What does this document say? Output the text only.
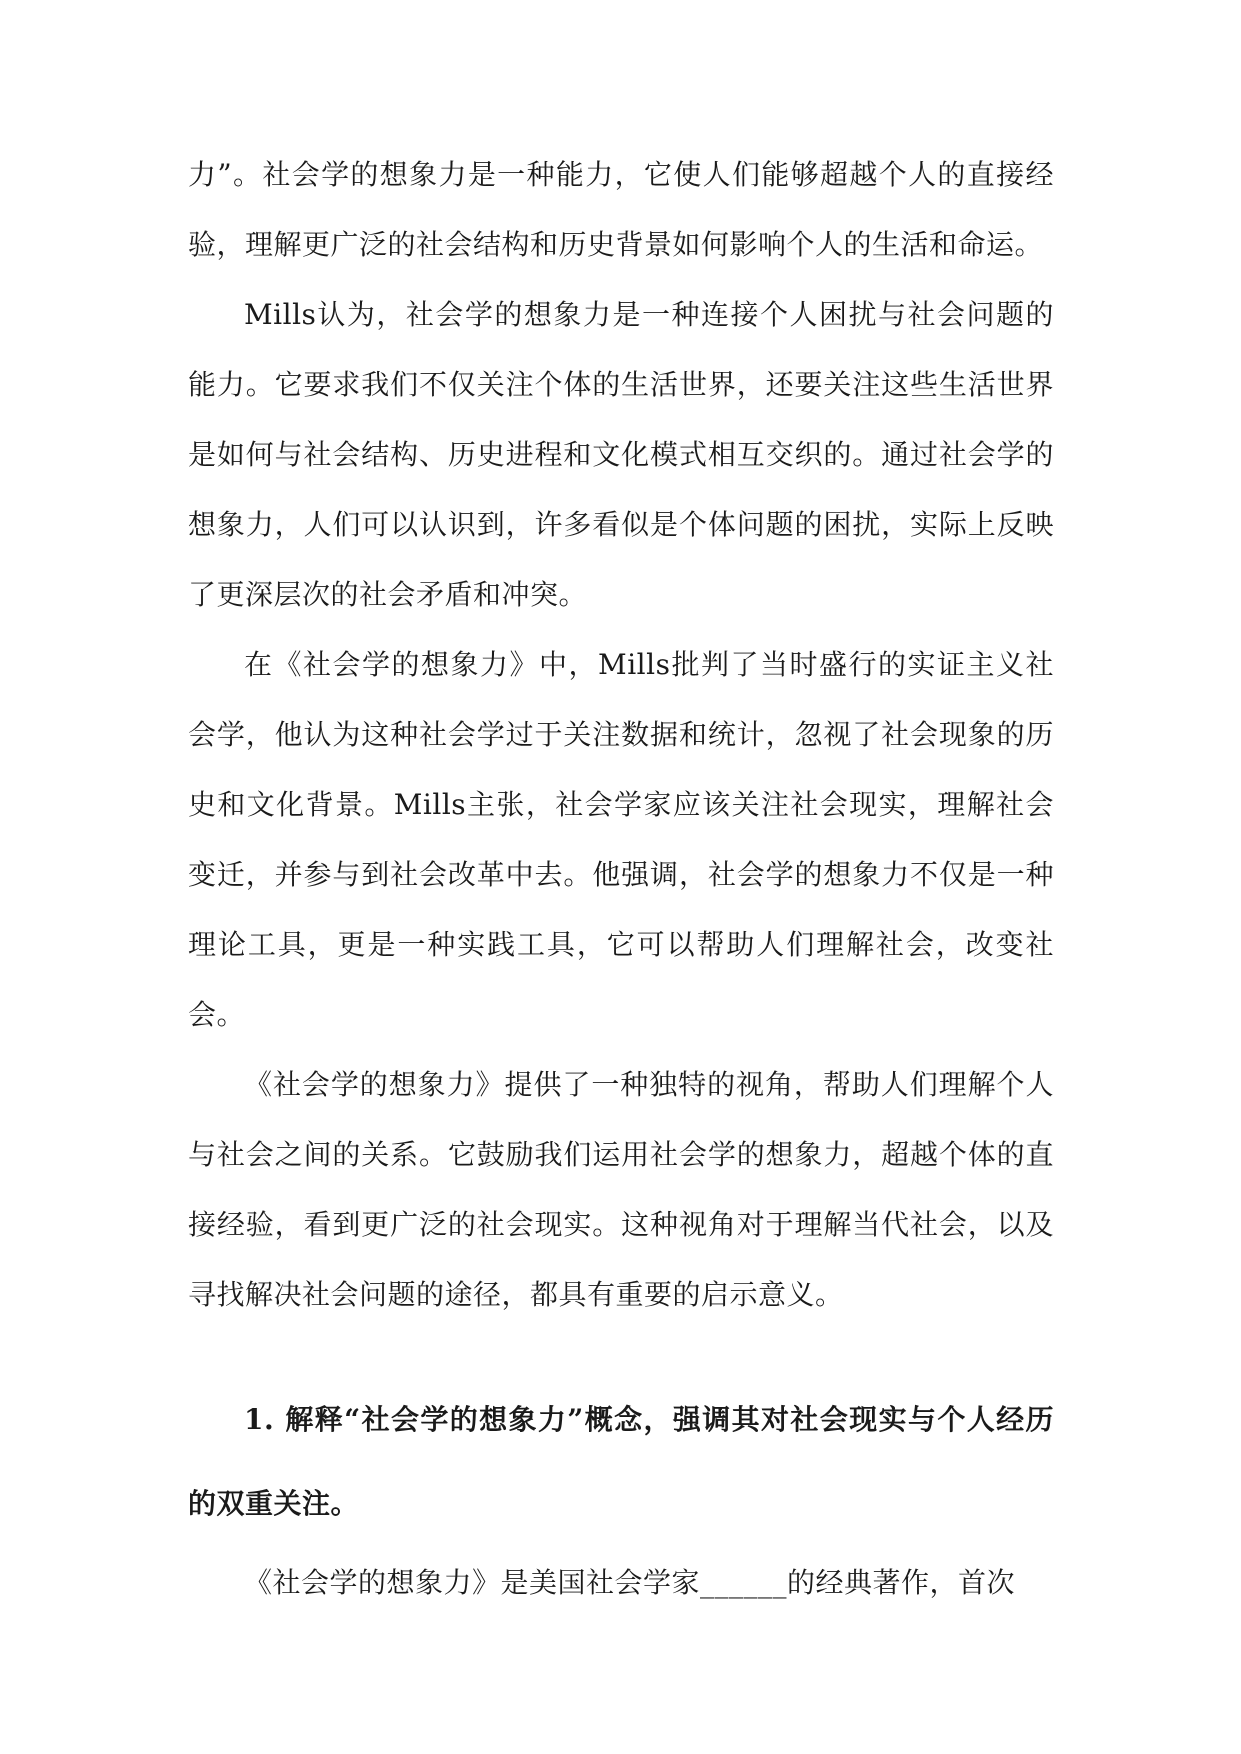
力”。社会学的想象力是一种能力，它使人们能够超越个人的直接经验，理解更广泛的社会结构和历史背景如何影响个人的生活和命运。

Mills认为，社会学的想象力是一种连接个人困扰与社会问题的能力。它要求我们不仅关注个体的生活世界，还要关注这些生活世界是如何与社会结构、历史进程和文化模式相互交织的。通过社会学的想象力，人们可以认识到，许多看似是个体问题的困扰，实际上反映了更深层次的社会矛盾和冲突。

在《社会学的想象力》中，Mills批判了当时盛行的实证主义社会学，他认为这种社会学过于关注数据和统计，忽视了社会现象的历史和文化背景。Mills主张，社会学家应该关注社会现实，理解社会变迁，并参与到社会改革中去。他强调，社会学的想象力不仅是一种理论工具，更是一种实践工具，它可以帮助人们理解社会，改变社会。

《社会学的想象力》提供了一种独特的视角，帮助人们理解个人与社会之间的关系。它鼓励我们运用社会学的想象力，超越个体的直接经验，看到更广泛的社会现实。这种视角对于理解当代社会，以及寻找解决社会问题的途径，都具有重要的启示意义。

1. 解释“社会学的想象力”概念，强调其对社会现实与个人经历的双重关注。

《社会学的想象力》是美国社会学家______的经典著作，首次
